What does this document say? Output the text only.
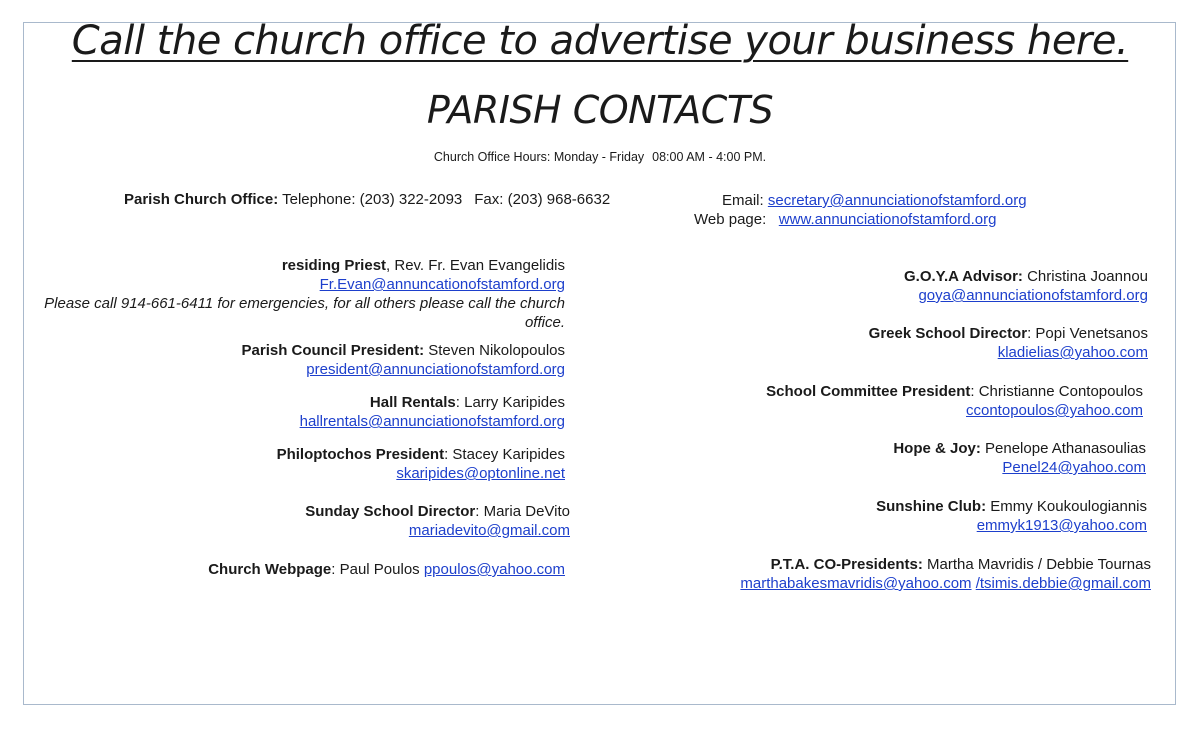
Call the church office to advertise your business here.
PARISH CONTACTS
Church Office Hours: Monday - Friday 08:00 AM - 4:00 PM.
Parish Church Office: Telephone: (203) 322-2093 Fax: (203) 968-6632	Email: secretary@annunciationofstamford.org
Web page: www.annunciationofstamford.org
residing Priest, Rev. Fr. Evan Evangelidis
Fr.Evan@annuncationofstamford.org
Please call 914-661-6411 for emergencies, for all others please call the church office.
Parish Council President: Steven Nikolopoulos
president@annunciationofstamford.org
Hall Rentals: Larry Karipides
hallrentals@annunciationofstamford.org
Philoptochos President: Stacey Karipides
skaripides@optonline.net
Sunday School Director: Maria DeVito
mariadevito@gmail.com
Church Webpage: Paul Poulos ppoulos@yahoo.com
G.O.Y.A Advisor: Christina Joannou
goya@annunciationofstamford.org
Greek School Director: Popi Venetsanos
kladielias@yahoo.com
School Committee President: Christianne Contopoulos
ccontopoulos@yahoo.com
Hope & Joy: Penelope Athanasoulias
Penel24@yahoo.com
Sunshine Club: Emmy Koukoulogiannis
emmyk1913@yahoo.com
P.T.A. CO-Presidents: Martha Mavridis / Debbie Tournas
marthabakesmavridis@yahoo.com /tsimis.debbie@gmail.com
